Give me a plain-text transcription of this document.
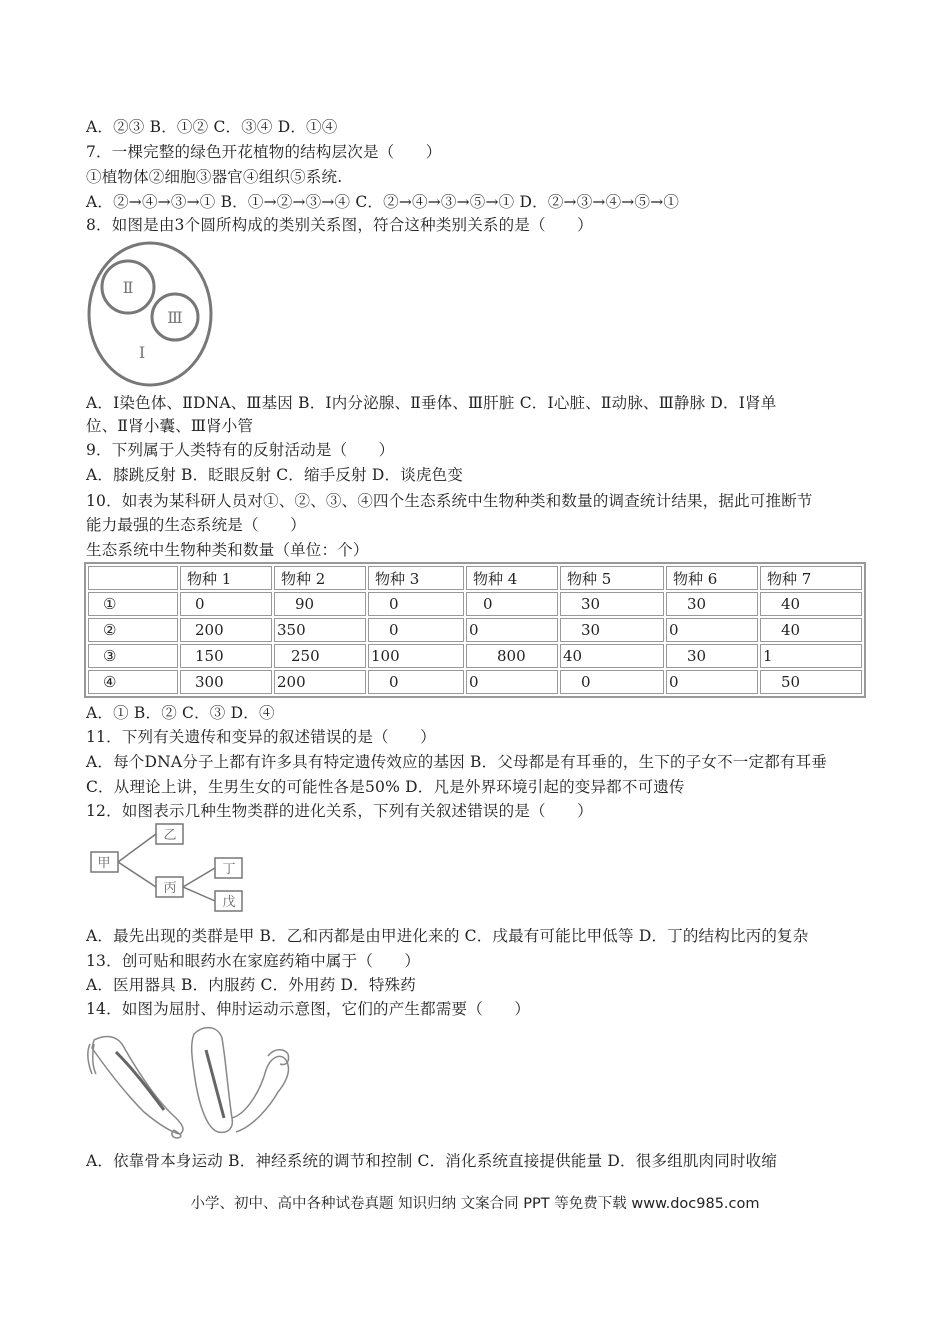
A．②③ B．①② C．③④ D．①④
7．一棵完整的绿色开花植物的结构层次是（　　）
①植物体②细胞③器官④组织⑤系统.
A．②→④→③→① B．①→②→③→④ C．②→④→③→⑤→① D．②→③→④→⑤→①
8．如图是由3个圆所构成的类别关系图，符合这种类别关系的是（　　）
Ⅱ
Ⅲ
Ⅰ
A．Ⅰ染色体、ⅡDNA、Ⅲ基因 B．Ⅰ内分泌腺、Ⅱ垂体、Ⅲ肝脏 C．Ⅰ心脏、Ⅱ动脉、Ⅲ静脉 D．Ⅰ肾单
位、Ⅱ肾小囊、Ⅲ肾小管
9．下列属于人类特有的反射活动是（　　）
A．膝跳反射 B．眨眼反射 C．缩手反射 D．谈虎色变
10．如表为某科研人员对①、②、③、④四个生态系统中生物种类和数量的调查统计结果，据此可推断节
能力最强的生态系统是（　　）
生态系统中生物种类和数量（单位：个）
	物种 1	物种 2	物种 3	物种 4	物种 5	物种 6	物种 7
①	0	90	0	0	30	30	40
②	200	350	0	0	30	0	40
③	150	250	100	800	40	30	1
④	300	200	0	0	0	0	50
A．① B．② C．③ D．④
11．下列有关遗传和变异的叙述错误的是（　　）
A．每个DNA分子上都有许多具有特定遗传效应的基因 B．父母都是有耳垂的，生下的子女不一定都有耳垂
C．从理论上讲，生男生女的可能性各是50% D．凡是外界环境引起的变异都不可遗传
12．如图表示几种生物类群的进化关系，下列有关叙述错误的是（　　）
甲
乙
丙
丁
戊
A．最先出现的类群是甲 B．乙和丙都是由甲进化来的 C．戌最有可能比甲低等 D．丁的结构比丙的复杂
13．创可贴和眼药水在家庭药箱中属于（　　）
A．医用器具 B．内服药 C．外用药 D．特殊药
14．如图为屈肘、伸肘运动示意图，它们的产生都需要（　　）
A．依靠骨本身运动 B．神经系统的调节和控制 C．消化系统直接提供能量 D．很多组肌肉同时收缩
小学、初中、高中各种试卷真题 知识归纳 文案合同 PPT 等免费下载 www.doc985.com
